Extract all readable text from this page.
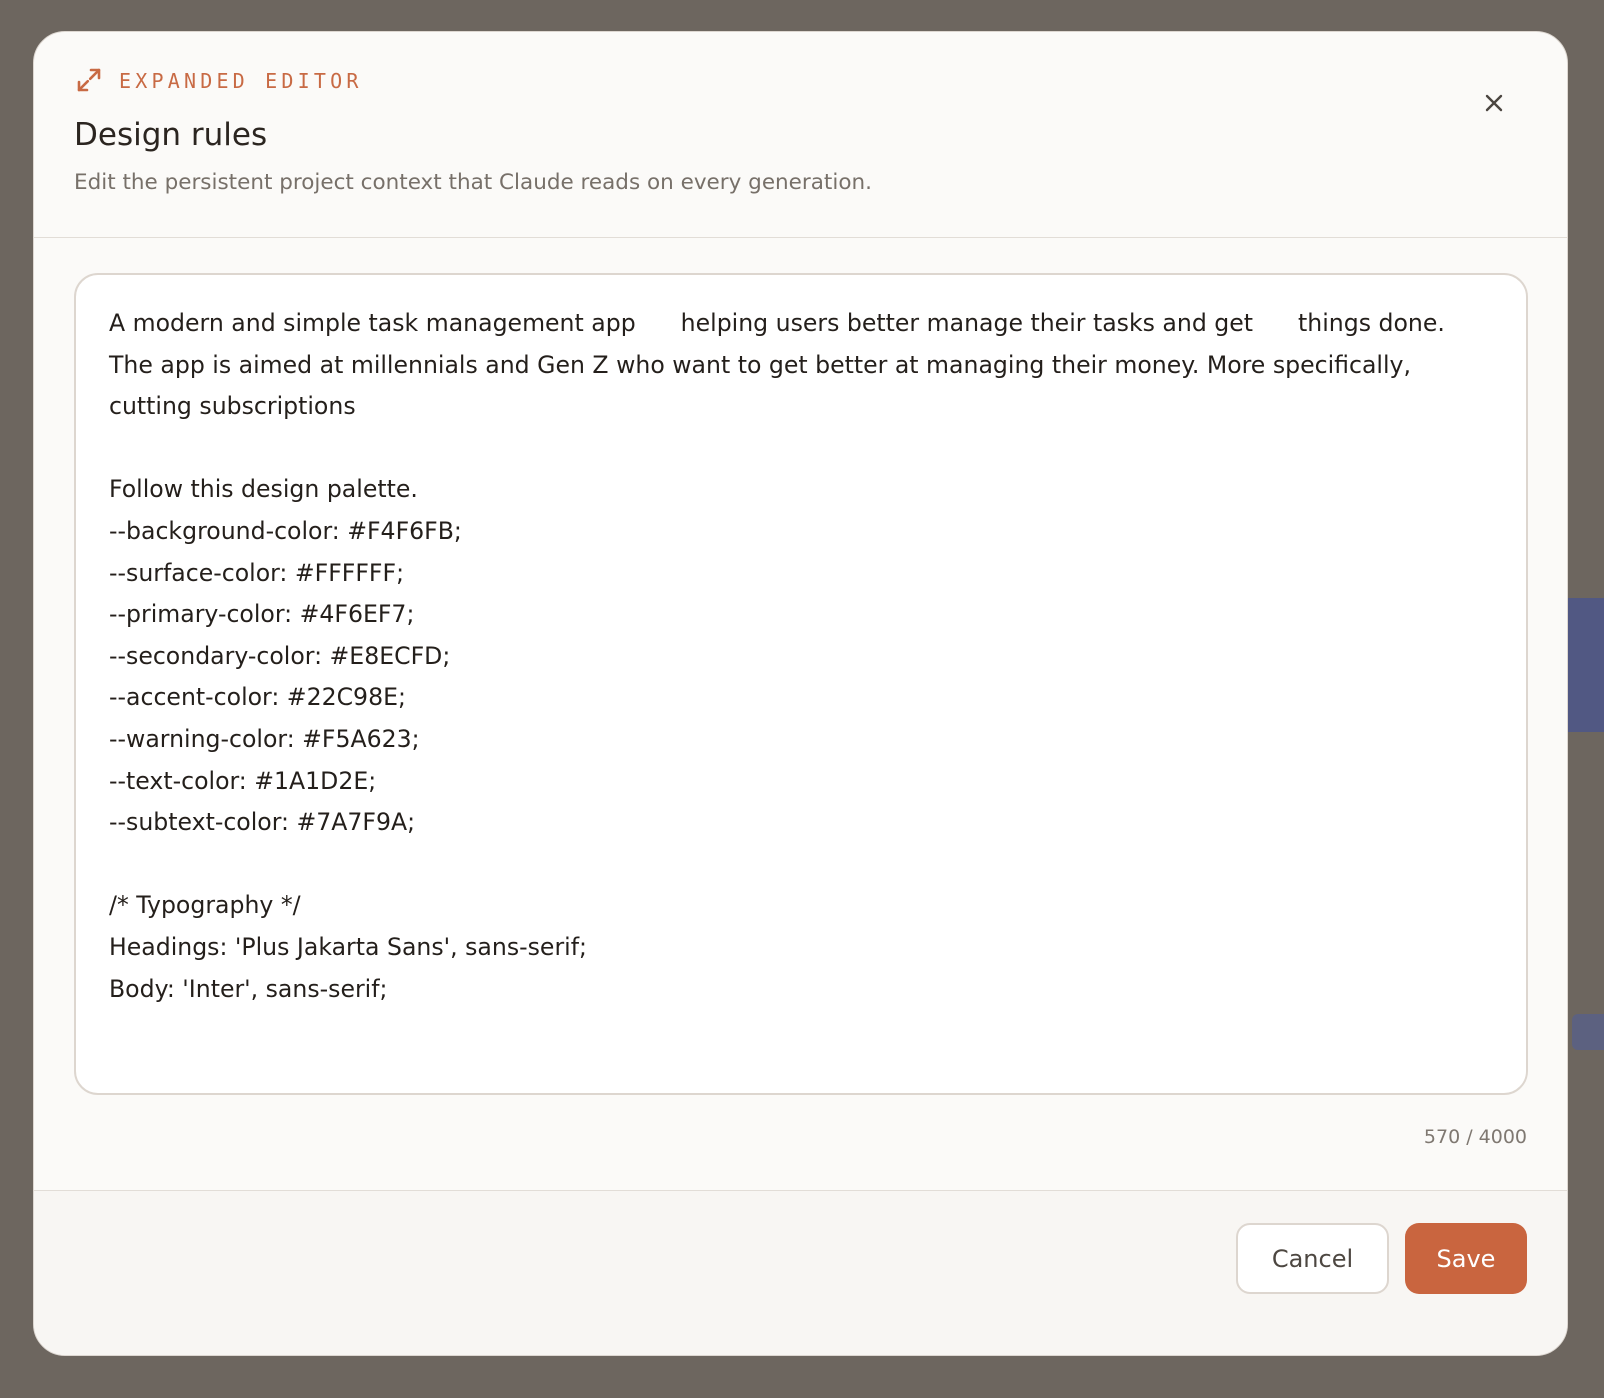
EXPANDED EDITOR
Design rules

Edit the persistent project context that Claude reads on every generation.

A modern and simple task management app helping users better manage their tasks and get things done. The app is aimed at millennials and Gen Z who want to get better at managing their money. More specifically, cutting subscriptions Follow this design palette. --background-color: #F4F6FB; --surface-color: #FFFFFF; --primary-color: #4F6EF7; --secondary-color: #E8ECFD; --accent-color: #22C98E; --warning-color: #F5A623; --text-color: #1A1D2E; --subtext-color: #7A7F9A; /* Typography */ Headings: 'Plus Jakarta Sans', sans-serif; Body: 'Inter', sans-serif;
570 / 4000
Cancel	Save
